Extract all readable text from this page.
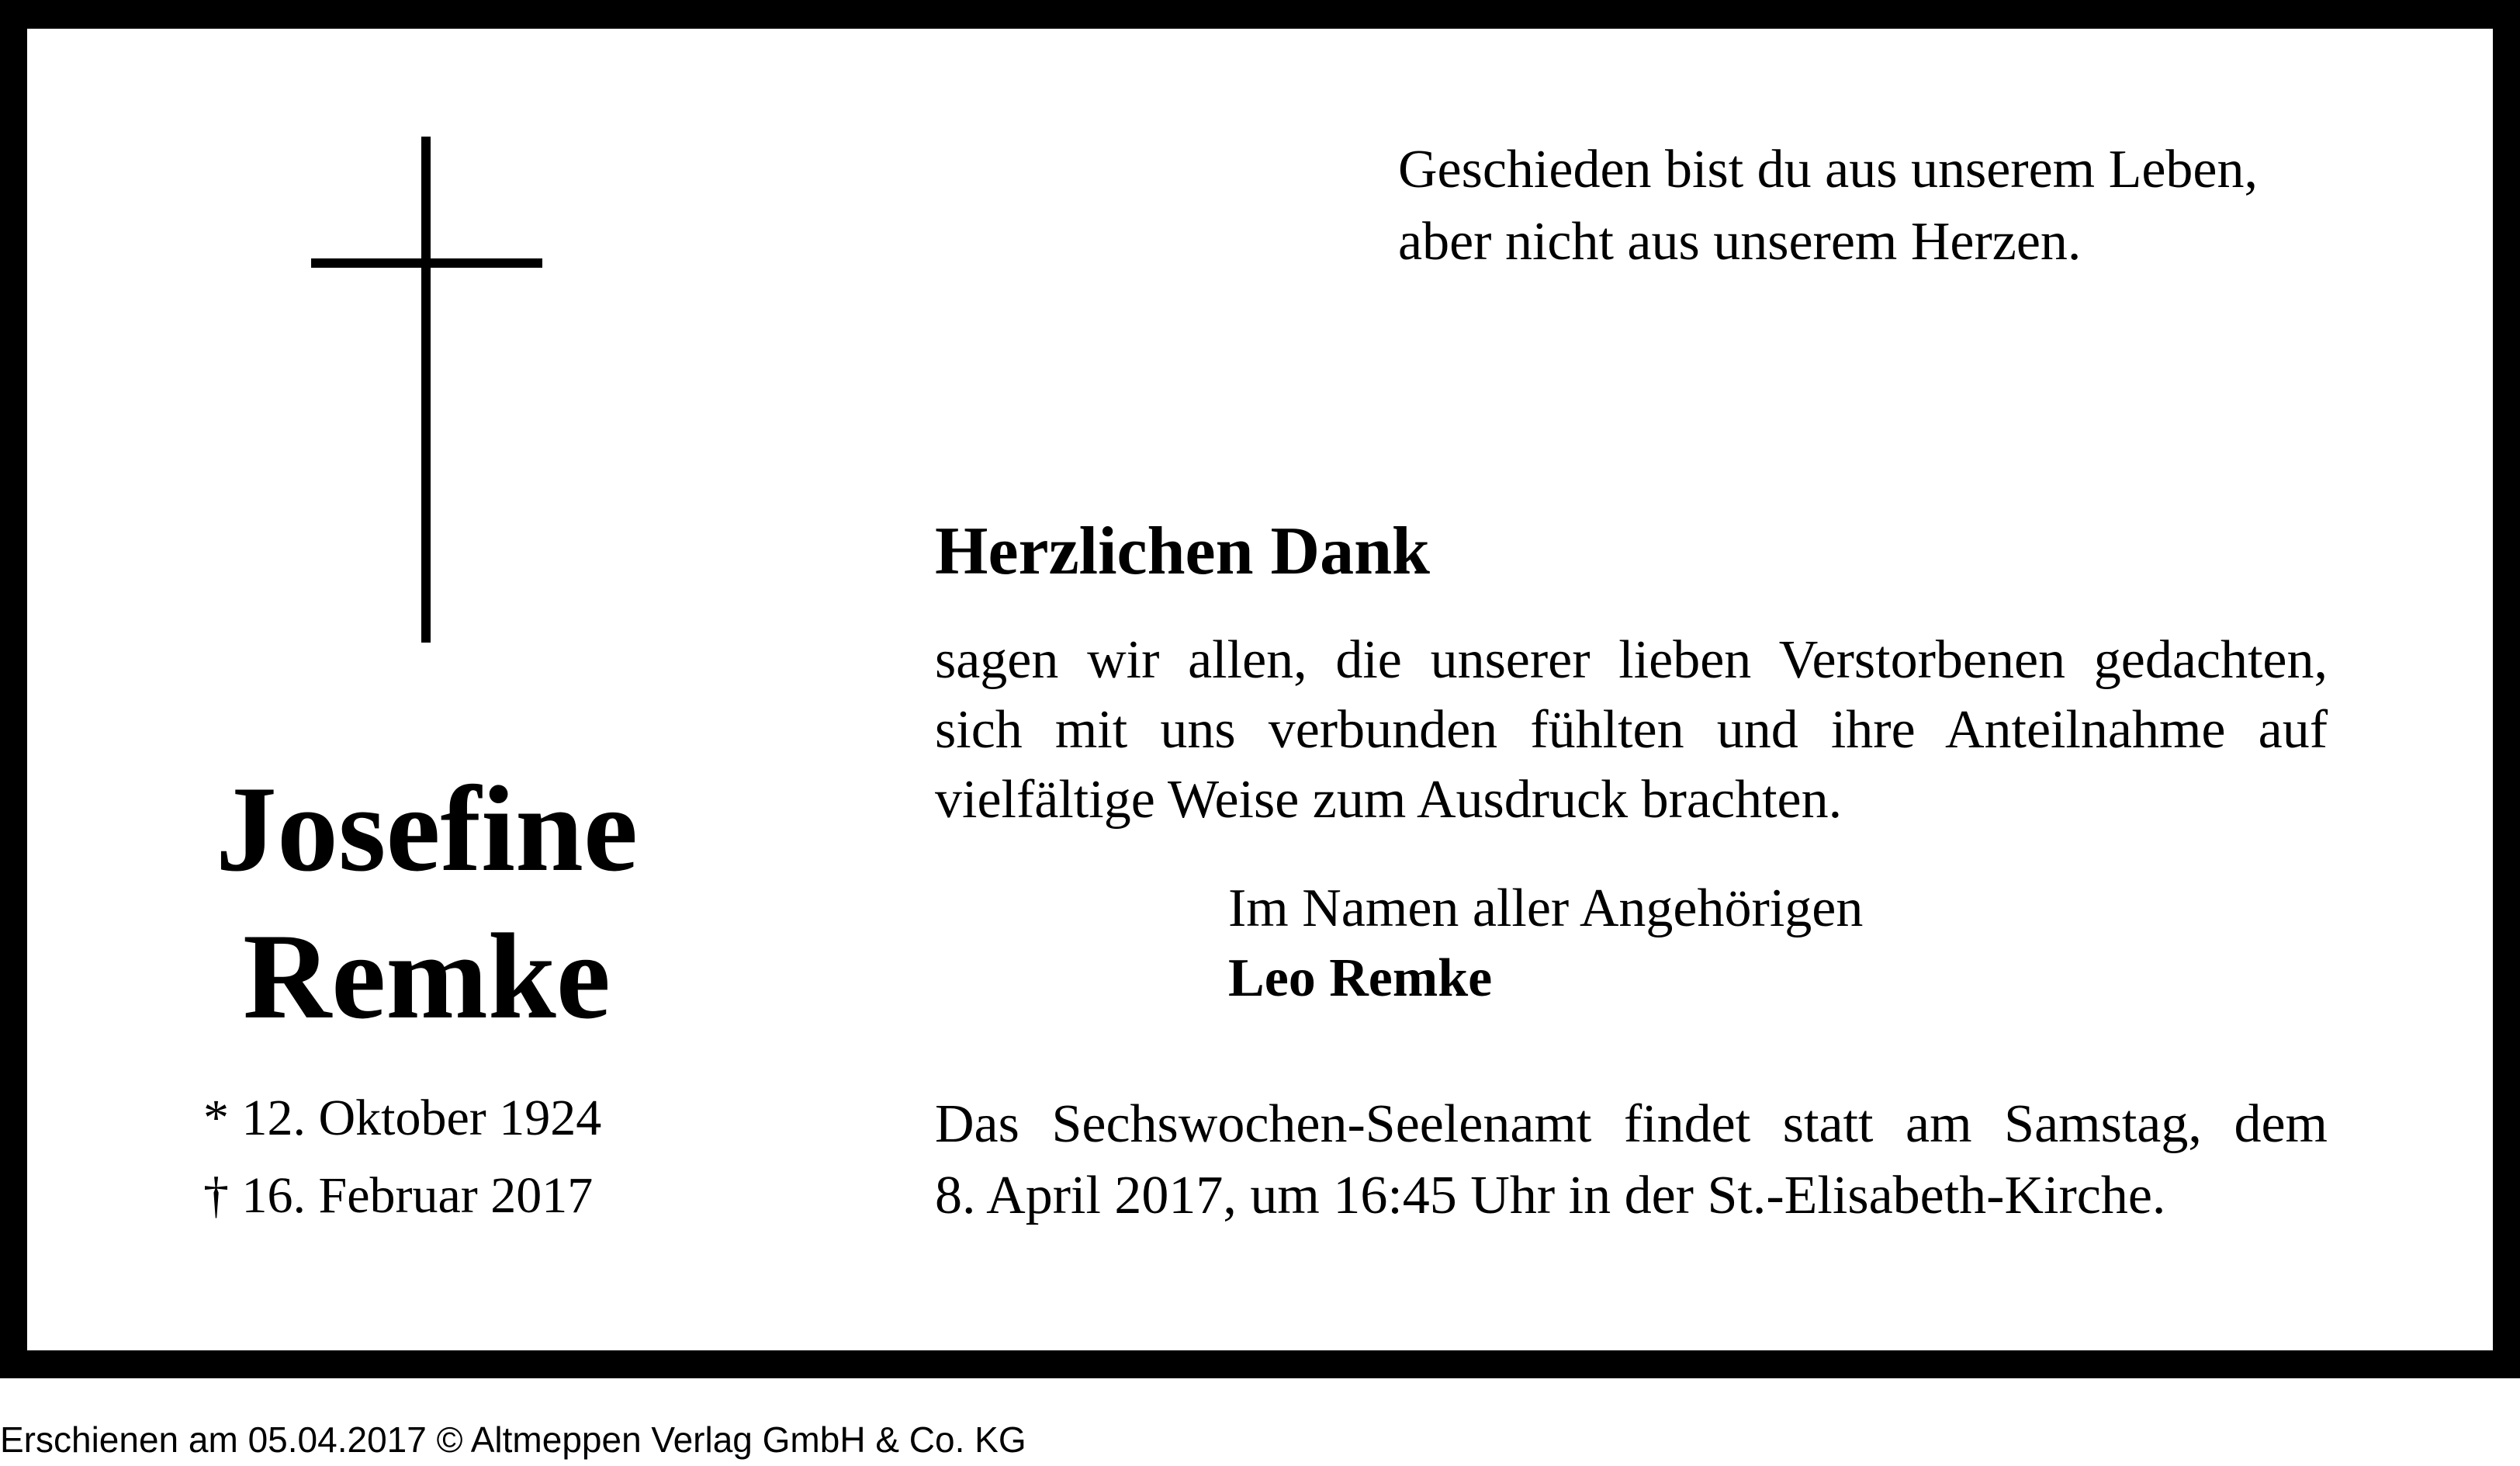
Geschieden bist du aus unserem Leben,
aber nicht aus unserem Herzen.
Josefine
Remke
* 12. Oktober 1924
† 16. Februar 2017
Herzlichen Dank
sagen wir allen, die unserer lieben Verstorbenen gedachten,
sich mit uns verbunden fühlten und ihre Anteilnahme auf
vielfältige Weise zum Ausdruck brachten.
Im Namen aller Angehörigen
Leo Remke
Das Sechswochen-Seelenamt findet statt am Samstag, dem
8. April 2017, um 16:45 Uhr in der St.-Elisabeth-Kirche.
Erschienen am 05.04.2017 © Altmeppen Verlag GmbH & Co. KG
